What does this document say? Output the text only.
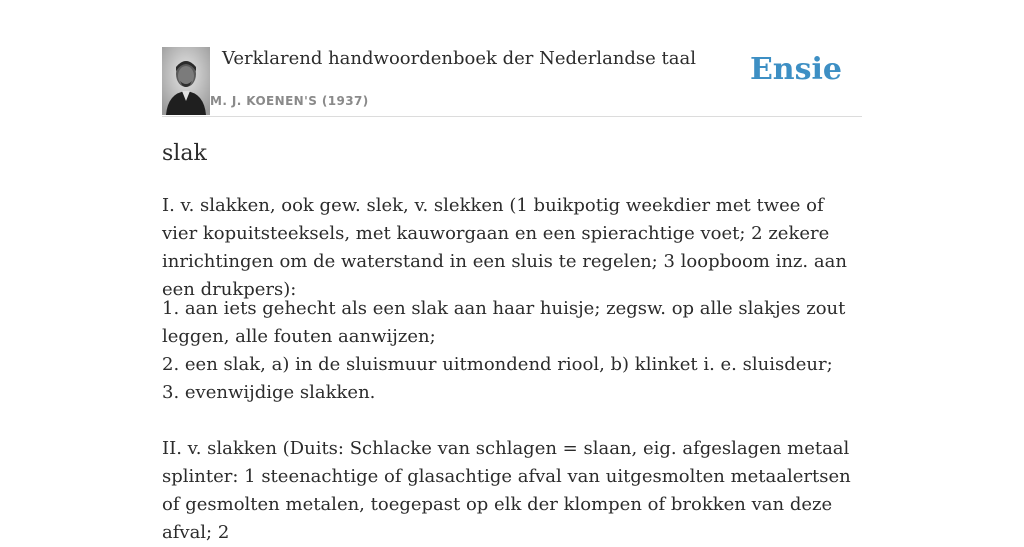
Verklarend handwoordenboek der Nederlandse taal
M. J. KOENEN'S (1937)
Ensie
slak

I. v. slakken, ook gew. slek, v. slekken (1 buikpotig weekdier met twee of vier kopuitsteeksels, met kauworgaan en een spierachtige voet; 2 zekere inrichtingen om de waterstand in een sluis te regelen; 3 loopboom inz. aan een drukpers):

1. aan iets gehecht als een slak aan haar huisje; zegsw. op alle slakjes zout leggen, alle fouten aanwijzen;
2. een slak, a) in de sluismuur uitmondend riool, b) klinket i. e. sluisdeur;
3. evenwijdige slakken.

II. v. slakken (Duits: Schlacke van schlagen = slaan, eig. afgeslagen metaal splinter: 1 steenachtige of glasachtige afval van uitgesmolten metaalertsen of gesmolten metalen, toegepast op elk der klompen of brokken van deze afval; 2
